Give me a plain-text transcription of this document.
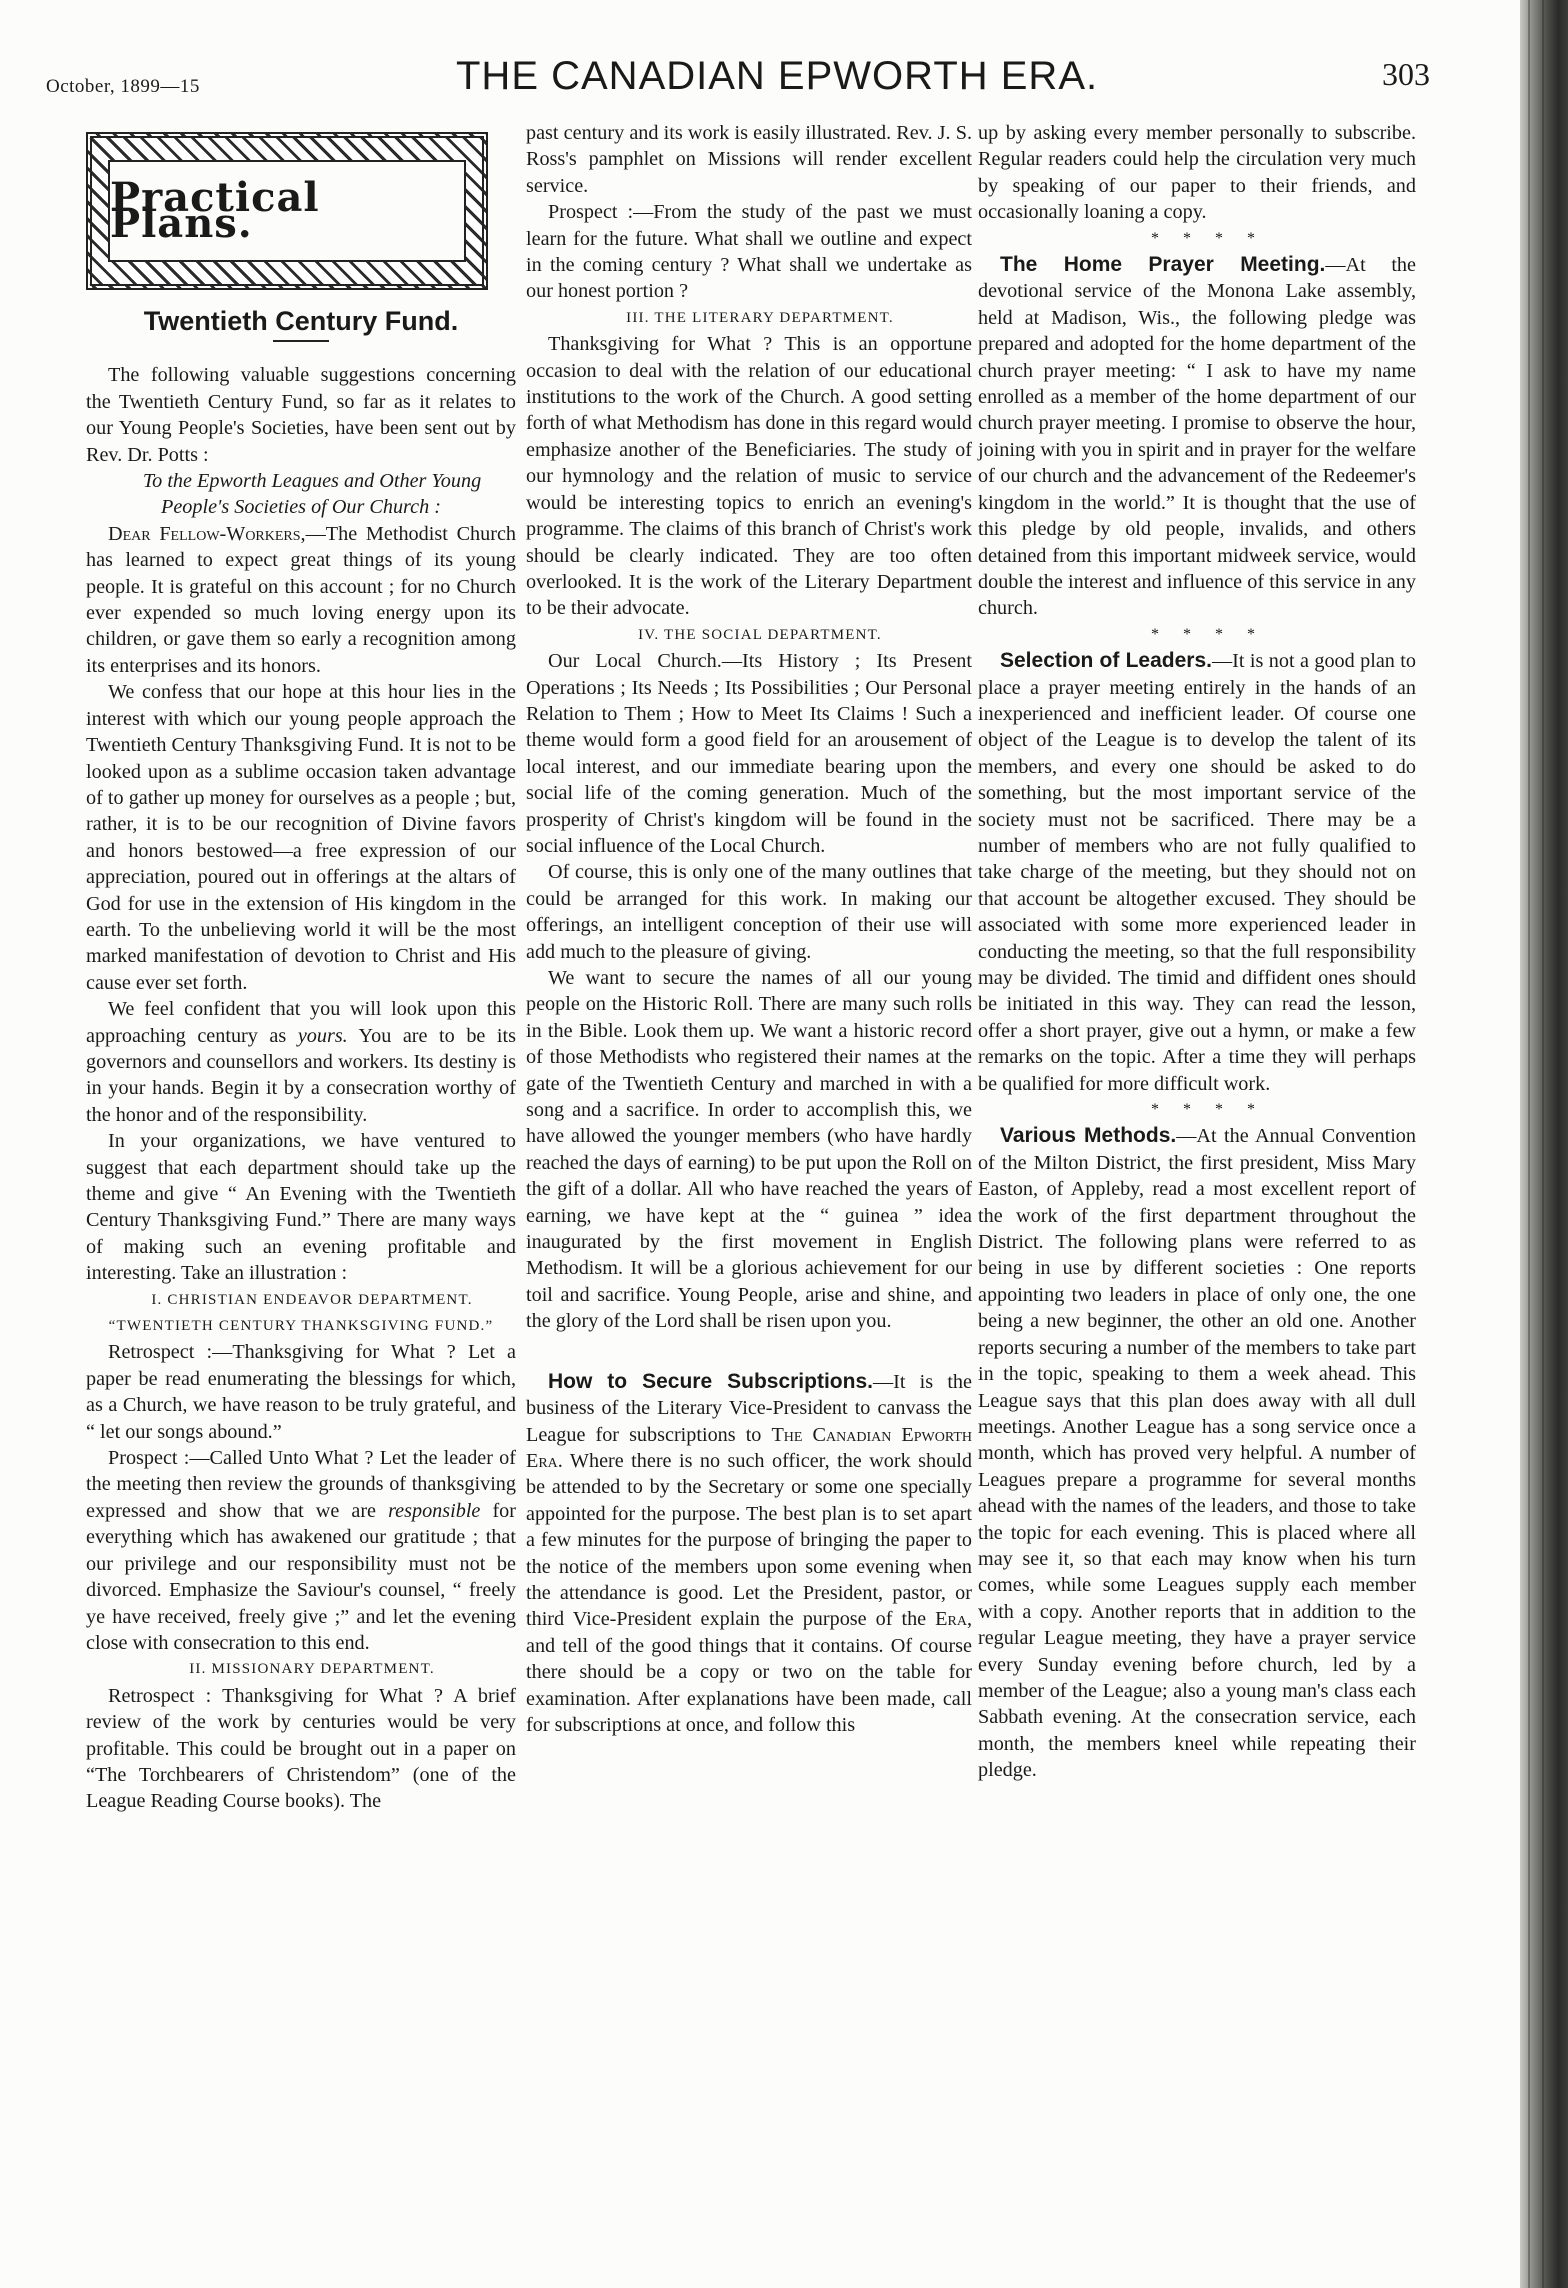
October, 1899—15	THE CANADIAN EPWORTH ERA.	303
Practical Plans.
Twentieth Century Fund.

The following valuable suggestions concerning the Twentieth Century Fund, so far as it relates to our Young People's Societies, have been sent out by Rev. Dr. Potts :

To the Epworth Leagues and Other Young People's Societies of Our Church :

Dear Fellow-Workers,—The Methodist Church has learned to expect great things of its young people. It is grateful on this account ; for no Church ever expended so much loving energy upon its children, or gave them so early a recognition among its enterprises and its honors.

We confess that our hope at this hour lies in the interest with which our young people approach the Twentieth Century Thanksgiving Fund. It is not to be looked upon as a sublime occasion taken advantage of to gather up money for ourselves as a people ; but, rather, it is to be our recognition of Divine favors and honors bestowed—a free expression of our appreciation, poured out in offerings at the altars of God for use in the extension of His kingdom in the earth. To the unbelieving world it will be the most marked manifestation of devotion to Christ and His cause ever set forth.

We feel confident that you will look upon this approaching century as yours. You are to be its governors and counsellors and workers. Its destiny is in your hands. Begin it by a consecration worthy of the honor and of the responsibility.

In your organizations, we have ventured to suggest that each department should take up the theme and give “ An Evening with the Twentieth Century Thanksgiving Fund.” There are many ways of making such an evening profitable and interesting. Take an illustration :

I. CHRISTIAN ENDEAVOR DEPARTMENT. “TWENTIETH CENTURY THANKSGIVING FUND.”

Retrospect :—Thanksgiving for What ? Let a paper be read enumerating the blessings for which, as a Church, we have reason to be truly grateful, and “ let our songs abound.”

Prospect :—Called Unto What ? Let the leader of the meeting then review the grounds of thanksgiving expressed and show that we are responsible for everything which has awakened our gratitude ; that our privilege and our responsibility must not be divorced. Emphasize the Saviour's counsel, “ freely ye have received, freely give ;” and let the evening close with consecration to this end.

II. MISSIONARY DEPARTMENT.

Retrospect : Thanksgiving for What ? A brief review of the work by centuries would be very profitable. This could be brought out in a paper on “The Torchbearers of Christendom” (one of the League Reading Course books). The

past century and its work is easily illustrated. Rev. J. S. Ross's pamphlet on Missions will render excellent service.

Prospect :—From the study of the past we must learn for the future. What shall we outline and expect in the coming century ? What shall we undertake as our honest portion ?

III. THE LITERARY DEPARTMENT.

Thanksgiving for What ? This is an opportune occasion to deal with the relation of our educational institutions to the work of the Church. A good setting forth of what Methodism has done in this regard would emphasize another of the Beneficiaries. The study of our hymnology and the relation of music to service would be interesting topics to enrich an evening's programme. The claims of this branch of Christ's work should be clearly indicated. They are too often overlooked. It is the work of the Literary Department to be their advocate.

IV. THE SOCIAL DEPARTMENT.

Our Local Church.—Its History ; Its Present Operations ; Its Needs ; Its Possibilities ; Our Personal Relation to Them ; How to Meet Its Claims ! Such a theme would form a good field for an arousement of local interest, and our immediate bearing upon the social life of the coming generation. Much of the prosperity of Christ's kingdom will be found in the social influence of the Local Church.

Of course, this is only one of the many outlines that could be arranged for this work. In making our offerings, an intelligent conception of their use will add much to the pleasure of giving.

We want to secure the names of all our young people on the Historic Roll. There are many such rolls in the Bible. Look them up. We want a historic record of those Methodists who registered their names at the gate of the Twentieth Century and marched in with a song and a sacrifice. In order to accomplish this, we have allowed the younger members (who have hardly reached the days of earning) to be put upon the Roll on the gift of a dollar. All who have reached the years of earning, we have kept at the “ guinea ” idea inaugurated by the first movement in English Methodism. It will be a glorious achievement for our toil and sacrifice. Young People, arise and shine, and the glory of the Lord shall be risen upon you.

How to Secure Subscriptions.—It is the business of the Literary Vice-President to canvass the League for subscriptions to The Canadian Epworth Era. Where there is no such officer, the work should be attended to by the Secretary or some one specially appointed for the purpose. The best plan is to set apart a few minutes for the purpose of bringing the paper to the notice of the members upon some evening when the attendance is good. Let the President, pastor, or third Vice-President explain the purpose of the Era, and tell of the good things that it contains. Of course there should be a copy or two on the table for examination. After explanations have been made, call for subscriptions at once, and follow this

up by asking every member personally to subscribe. Regular readers could help the circulation very much by speaking of our paper to their friends, and occasionally loaning a copy.

* * * *

The Home Prayer Meeting.—At the devotional service of the Monona Lake assembly, held at Madison, Wis., the following pledge was prepared and adopted for the home department of the church prayer meeting: “ I ask to have my name enrolled as a member of the home department of our church prayer meeting. I promise to observe the hour, joining with you in spirit and in prayer for the welfare of our church and the advancement of the Redeemer's kingdom in the world.” It is thought that the use of this pledge by old people, invalids, and others detained from this important midweek service, would double the interest and influence of this service in any church.

* * * *

Selection of Leaders.—It is not a good plan to place a prayer meeting entirely in the hands of an inexperienced and inefficient leader. Of course one object of the League is to develop the talent of its members, and every one should be asked to do something, but the most important service of the society must not be sacrificed. There may be a number of members who are not fully qualified to take charge of the meeting, but they should not on that account be altogether excused. They should be associated with some more experienced leader in conducting the meeting, so that the full responsibility may be divided. The timid and diffident ones should be initiated in this way. They can read the lesson, offer a short prayer, give out a hymn, or make a few remarks on the topic. After a time they will perhaps be qualified for more difficult work.

* * * *

Various Methods.—At the Annual Convention of the Milton District, the first president, Miss Mary Easton, of Appleby, read a most excellent report of the work of the first department throughout the District. The following plans were referred to as being in use by different societies : One reports appointing two leaders in place of only one, the one being a new beginner, the other an old one. Another reports securing a number of the members to take part in the topic, speaking to them a week ahead. This League says that this plan does away with all dull meetings. Another League has a song service once a month, which has proved very helpful. A number of Leagues prepare a programme for several months ahead with the names of the leaders, and those to take the topic for each evening. This is placed where all may see it, so that each may know when his turn comes, while some Leagues supply each member with a copy. Another reports that in addition to the regular League meeting, they have a prayer service every Sunday evening before church, led by a member of the League; also a young man's class each Sabbath evening. At the consecration service, each month, the members kneel while repeating their pledge.
